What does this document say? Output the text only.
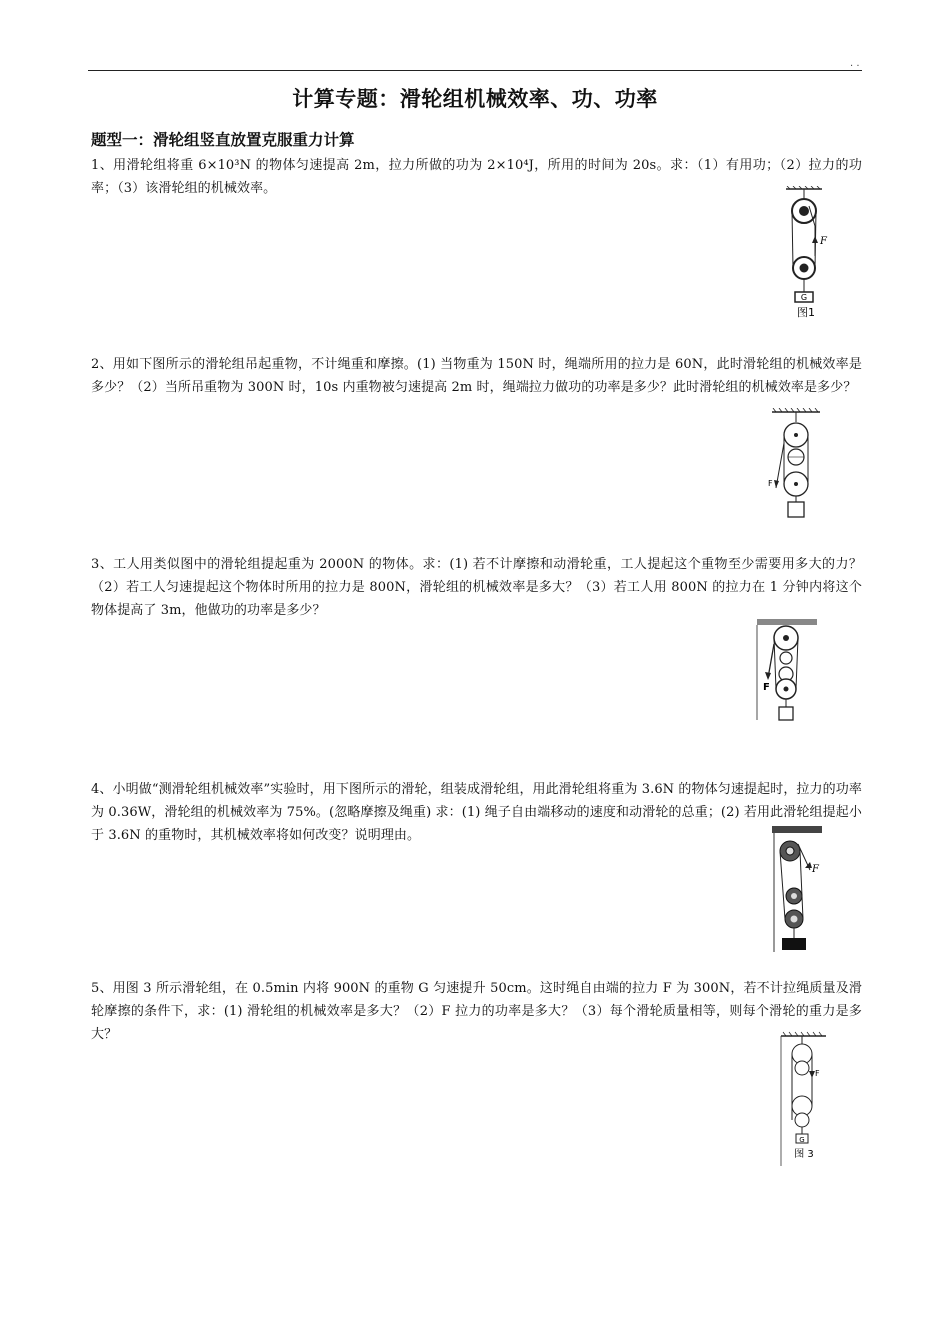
. .
计算专题：滑轮组机械效率、功、功率
题型一：滑轮组竖直放置克服重力计算
1、用滑轮组将重 6×10³N 的物体匀速提高 2m，拉力所做的功为 2×10⁴J，所用的时间为 20s。求：（1）有用功；（2）拉力的功率；（3）该滑轮组的机械效率。
2、用如下图所示的滑轮组吊起重物，不计绳重和摩擦。(1) 当物重为 150N 时，绳端所用的拉力是 60N，此时滑轮组的机械效率是多少？（2）当所吊重物为 300N 时，10s 内重物被匀速提高 2m 时，绳端拉力做功的功率是多少？此时滑轮组的机械效率是多少？
3、工人用类似图中的滑轮组提起重为 2000N 的物体。求：(1) 若不计摩擦和动滑轮重，工人提起这个重物至少需要用多大的力？（2）若工人匀速提起这个物体时所用的拉力是 800N，滑轮组的机械效率是多大？（3）若工人用 800N 的拉力在 1 分钟内将这个物体提高了 3m，他做功的功率是多少？
4、小明做“测滑轮组机械效率”实验时，用下图所示的滑轮，组装成滑轮组，用此滑轮组将重为 3.6N 的物体匀速提起时，拉力的功率为 0.36W，滑轮组的机械效率为 75%。(忽略摩擦及绳重) 求：(1) 绳子自由端移动的速度和动滑轮的总重；(2) 若用此滑轮组提起小于 3.6N 的重物时，其机械效率将如何改变？说明理由。
5、用图 3 所示滑轮组，在 0.5min 内将 900N 的重物 G 匀速提升 50cm。这时绳自由端的拉力 F 为 300N，若不计拉绳质量及滑轮摩擦的条件下，求：(1) 滑轮组的机械效率是多大？（2）F 拉力的功率是多大？（3）每个滑轮质量相等，则每个滑轮的重力是多大？
G
F
图1
F
F
F
F
G
图 3
